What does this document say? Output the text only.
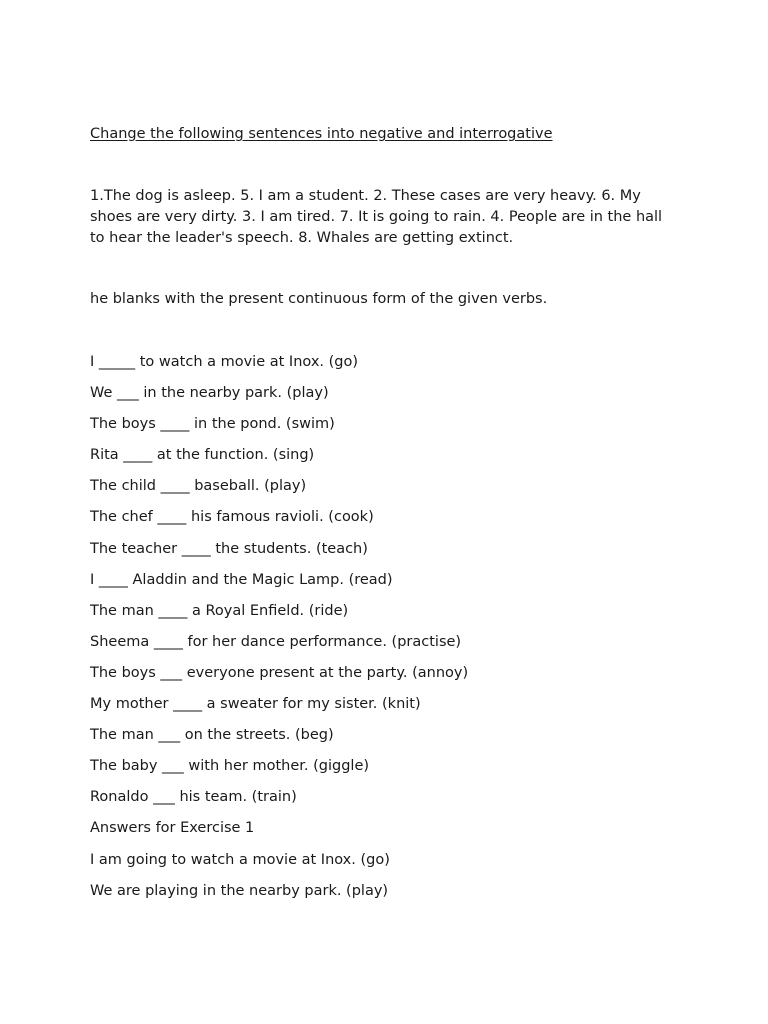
Change the following sentences into negative and interrogative
1.The dog is asleep. 5. I am a student. 2. These cases are very heavy. 6. My shoes are very dirty. 3. I am tired. 7. It is going to rain. 4. People are in the hall to hear the leader's speech. 8. Whales are getting extinct.
he blanks with the present continuous form of the given verbs.
I _____ to watch a movie at Inox. (go)
We ___ in the nearby park. (play)
The boys ____ in the pond. (swim)
Rita ____ at the function. (sing)
The child ____ baseball. (play)
The chef ____ his famous ravioli. (cook)
The teacher ____ the students. (teach)
I ____ Aladdin and the Magic Lamp. (read)
The man ____ a Royal Enfield. (ride)
Sheema ____ for her dance performance. (practise)
The boys ___ everyone present at the party. (annoy)
My mother ____ a sweater for my sister. (knit)
The man ___ on the streets. (beg)
The baby ___ with her mother. (giggle)
Ronaldo ___ his team. (train)
Answers for Exercise 1
I am going to watch a movie at Inox. (go)
We are playing in the nearby park. (play)
